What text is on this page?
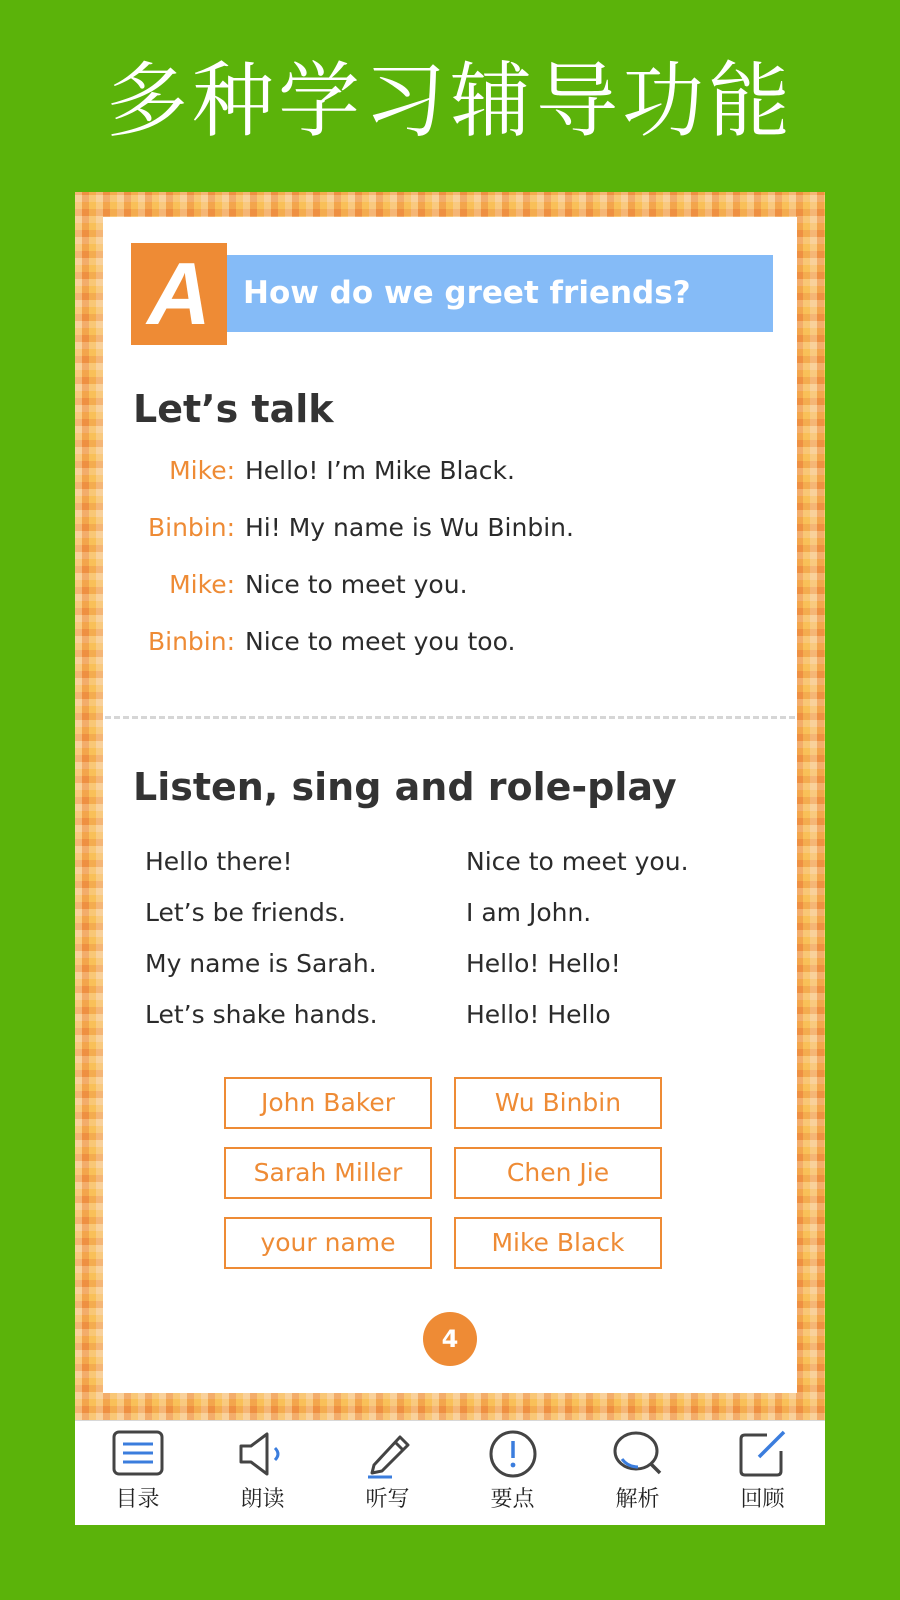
多种学习辅导功能
A	How do we greet friends?
Let’s talk
Mike: Hello! I’m Mike Black.
Binbin: Hi! My name is Wu Binbin.
Mike: Nice to meet you.
Binbin: Nice to meet you too.
Listen, sing and role-play
Hello there!
Let’s be friends.
My name is Sarah.
Let’s shake hands.
Nice to meet you.
I am John.
Hello! Hello!
Hello! Hello
John Baker	Wu Binbin
Sarah Miller	Chen Jie
your name	Mike Black
4
目录	朗读	听写	要点	解析	回顾
